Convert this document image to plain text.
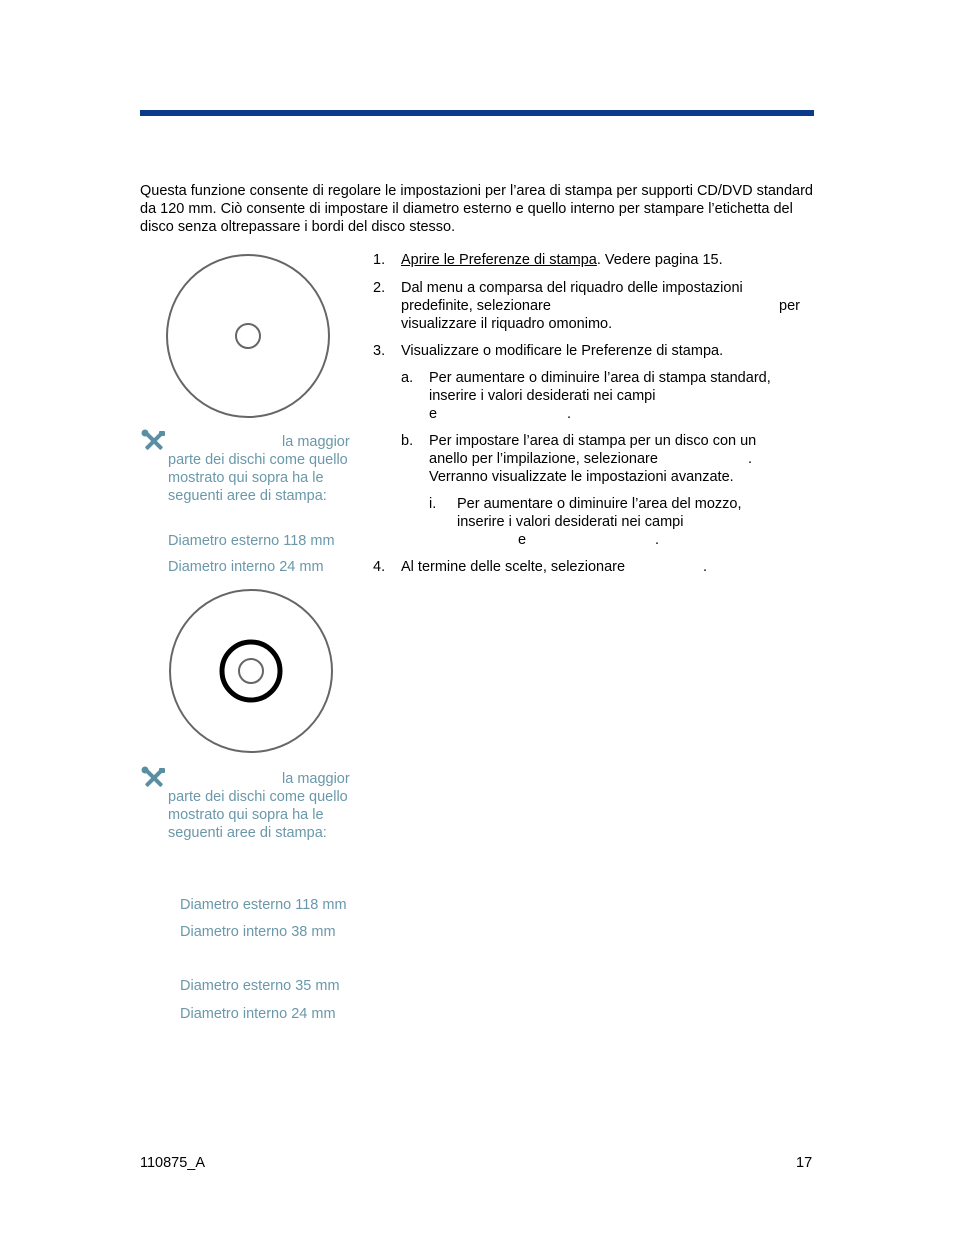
Questa funzione consente di regolare le impostazioni per l’area di stampa per supporti CD/DVD standard da 120 mm. Ciò consente di impostare il diametro esterno e quello interno per stampare l’etichetta del disco senza oltrepassare i bordi del disco stesso.

la maggior
parte dei dischi come quello mostrato qui sopra ha le seguenti aree di stampa:
Diametro esterno 118 mm
Diametro interno 24 mm
la maggior
parte dei dischi come quello mostrato qui sopra ha le seguenti aree di stampa:
Diametro esterno 118 mm
Diametro interno 38 mm
Diametro esterno 35 mm
Diametro interno 24 mm
1. Aprire le Preferenze di stampa. Vedere pagina 15.
2. Dal menu a comparsa del riquadro delle impostazioni
predefinite, selezionare	per
visualizzare il riquadro omonimo.
3. Visualizzare o modificare le Preferenze di stampa.
a. Per aumentare o diminuire l’area di stampa standard,
inserire i valori desiderati nei campi
e	.
b. Per impostare l’area di stampa per un disco con un
anello per l’impilazione, selezionare	.
Verranno visualizzate le impostazioni avanzate.
i. Per aumentare o diminuire l’area del mozzo,
inserire i valori desiderati nei campi
e	.
4. Al termine delle scelte, selezionare	.
110875_A	17
